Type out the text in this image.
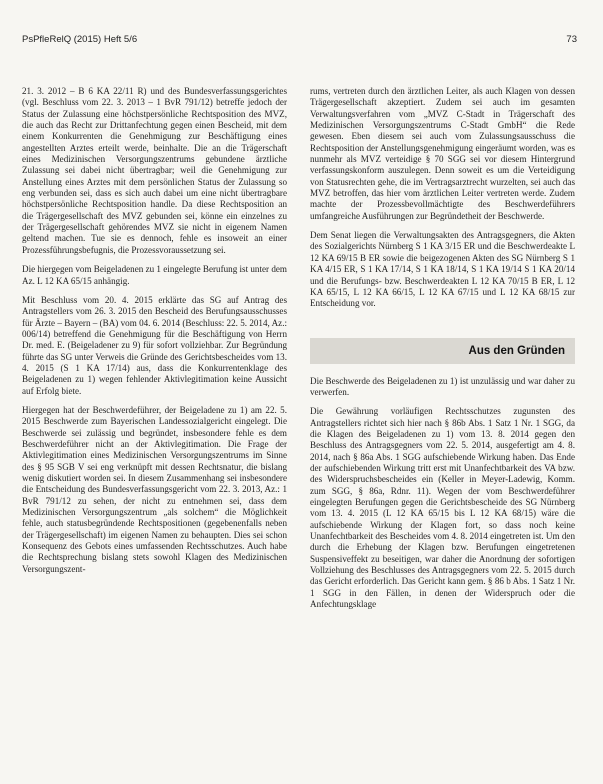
PsPfleRelQ (2015) Heft 5/6	73

21. 3. 2012 – B 6 KA 22/11 R) und des Bundesverfassungsgerichtes (vgl. Beschluss vom 22. 3. 2013 – 1 BvR 791/12) betreffe jedoch der Status der Zulassung eine höchstpersönliche Rechtsposition des MVZ, die auch das Recht zur Drittanfechtung gegen einen Bescheid, mit dem einem Konkurrenten die Genehmigung zur Beschäftigung eines angestellten Arztes erteilt werde, beinhalte. Die an die Trägerschaft eines Medizinischen Versorgungszentrums gebundene ärztliche Zulassung sei dabei nicht übertragbar; weil die Genehmigung zur Anstellung eines Arztes mit dem persönlichen Status der Zulassung so eng verbunden sei, dass es sich auch dabei um eine nicht übertragbare höchstpersönliche Rechtsposition handle. Da diese Rechtsposition an die Trägergesellschaft des MVZ gebunden sei, könne ein einzelnes zu der Trägergesellschaft gehörendes MVZ sie nicht in eigenem Namen geltend machen. Tue sie es dennoch, fehle es insoweit an einer Prozessführungsbefugnis, die Prozessvoraussetzung sei.

Die hiergegen vom Beigeladenen zu 1 eingelegte Berufung ist unter dem Az. L 12 KA 65/15 anhängig.

Mit Beschluss vom 20. 4. 2015 erklärte das SG auf Antrag des Antragstellers vom 26. 3. 2015 den Bescheid des Berufungsausschusses für Ärzte – Bayern – (BA) vom 04. 6. 2014 (Beschluss: 22. 5. 2014, Az.: 006/14) betreffend die Genehmigung für die Beschäftigung von Herrn Dr. med. E. (Beigeladener zu 9) für sofort vollziehbar. Zur Begründung führte das SG unter Verweis die Gründe des Gerichtsbescheides vom 13. 4. 2015 (S 1 KA 17/14) aus, dass die Konkurrentenklage des Beigeladenen zu 1) wegen fehlender Aktivlegitimation keine Aussicht auf Erfolg biete.

Hiergegen hat der Beschwerdeführer, der Beigeladene zu 1) am 22. 5. 2015 Beschwerde zum Bayerischen Landessozialgericht eingelegt. Die Beschwerde sei zulässig und begründet, insbesondere fehle es dem Beschwerdeführer nicht an der Aktivlegitimation. Die Frage der Aktivlegitimation eines Medizinischen Versorgungszentrums im Sinne des § 95 SGB V sei eng verknüpft mit dessen Rechtsnatur, die bislang wenig diskutiert worden sei. In diesem Zusammenhang sei insbesondere die Entscheidung des Bundesverfassungsgericht vom 22. 3. 2013, Az.: 1 BvR 791/12 zu sehen, der nicht zu entnehmen sei, dass dem Medizinischen Versorgungszentrum „als solchem“ die Möglichkeit fehle, auch statusbegründende Rechtspositionen (gegebenenfalls neben der Trägergesellschaft) im eigenen Namen zu behaupten. Dies sei schon Konsequenz des Gebots eines umfassenden Rechtsschutzes. Auch habe die Rechtsprechung bislang stets sowohl Klagen des Medizinischen Versorgungszent-

rums, vertreten durch den ärztlichen Leiter, als auch Klagen von dessen Trägergesellschaft akzeptiert. Zudem sei auch im gesamten Verwaltungsverfahren vom „MVZ C-Stadt in Trägerschaft des Medizinischen Versorgungszentrums C-Stadt GmbH“ die Rede gewesen. Eben diesem sei auch vom Zulassungsausschuss die Rechtsposition der Anstellungsgenehmigung eingeräumt worden, was es nunmehr als MVZ verteidige § 70 SGG sei vor diesem Hintergrund verfassungskonform auszulegen. Denn soweit es um die Verteidigung von Statusrechten gehe, die im Vertragsarztrecht wurzelten, sei auch das MVZ betroffen, das hier vom ärztlichen Leiter vertreten werde. Zudem machte der Prozessbevollmächtigte des Beschwerdeführers umfangreiche Ausführungen zur Begründetheit der Beschwerde.

Dem Senat liegen die Verwaltungsakten des Antragsgegners, die Akten des Sozialgerichts Nürnberg S 1 KA 3/15 ER und die Beschwerdeakte L 12 KA 69/15 B ER sowie die beigezogenen Akten des SG Nürnberg S 1 KA 4/15 ER, S 1 KA 17/14, S 1 KA 18/14, S 1 KA 19/14 S 1 KA 20/14 und die Berufungs- bzw. Beschwerdeakten L 12 KA 70/15 B ER, L 12 KA 65/15, L 12 KA 66/15, L 12 KA 67/15 und L 12 KA 68/15 zur Entscheidung vor.

Aus den Gründen

Die Beschwerde des Beigeladenen zu 1) ist unzulässig und war daher zu verwerfen.

Die Gewährung vorläufigen Rechtsschutzes zugunsten des Antragstellers richtet sich hier nach § 86b Abs. 1 Satz 1 Nr. 1 SGG, da die Klagen des Beigeladenen zu 1) vom 13. 8. 2014 gegen den Beschluss des Antragsgegners vom 22. 5. 2014, ausgefertigt am 4. 8. 2014, nach § 86a Abs. 1 SGG aufschiebende Wirkung haben. Das Ende der aufschiebenden Wirkung tritt erst mit Unanfechtbarkeit des VA bzw. des Widerspruchsbescheides ein (Keller in Meyer-Ladewig, Komm. zum SGG, § 86a, Rdnr. 11). Wegen der vom Beschwerdeführer eingelegten Berufungen gegen die Gerichtsbescheide des SG Nürnberg vom 13. 4. 2015 (L 12 KA 65/15 bis L 12 KA 68/15) wäre die aufschiebende Wirkung der Klagen fort, so dass noch keine Unanfechtbarkeit des Bescheides vom 4. 8. 2014 eingetreten ist. Um den durch die Erhebung der Klagen bzw. Berufungen eingetretenen Suspensiveffekt zu beseitigen, war daher die Anordnung der sofortigen Vollziehung des Beschlusses des Antragsgegners vom 22. 5. 2015 durch das Gericht erforderlich. Das Gericht kann gem. § 86 b Abs. 1 Satz 1 Nr. 1 SGG in den Fällen, in denen der Widerspruch oder die Anfechtungsklage
